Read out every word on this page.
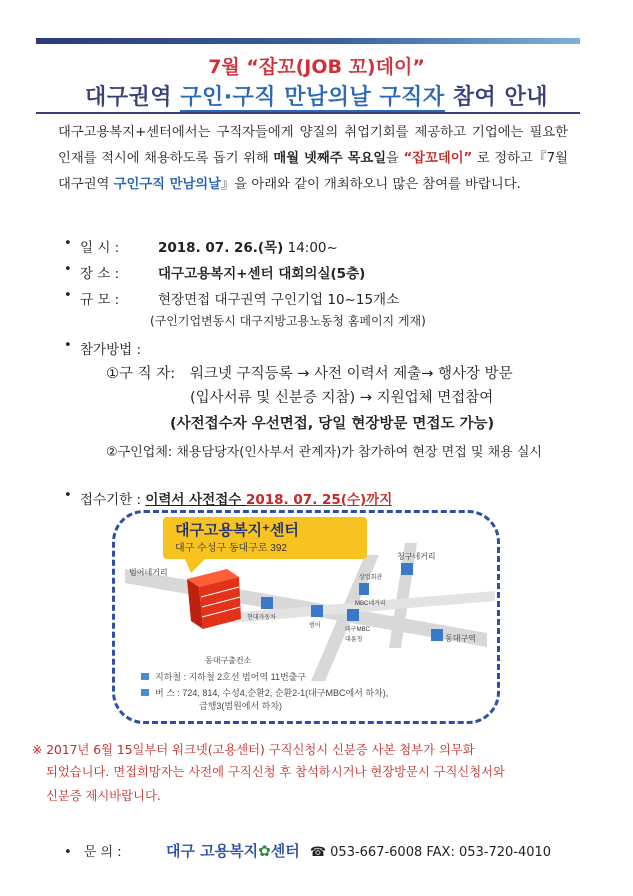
7월 “잡꼬(JOB 꼬)데이”
대구권역 구인·구직 만남의날 구직자 참여 안내
대구고용복지+센터에서는 구직자들에게 양질의 취업기회를 제공하고 기업에는 필요한 인재를 적시에 채용하도록 돕기 위해 매월 넷째주 목요일을 “잡꼬데이” 로 정하고『7월 대구권역 구인구직 만남의날』을 아래와 같이 개최하오니 많은 참여를 바랍니다.
• 일 시 :	2018. 07. 26.(목) 14:00~
• 장 소 :	대구고용복지+센터 대회의실(5층)
• 규 모 :	현장면접 대구권역 구인기업 10~15개소
(구인기업변동시 대구지방고용노동청 홈페이지 게재)
• 참가방법 :
①구 직 자: 워크넷 구직등록 → 사전 이력서 제출→ 행사장 방문
(입사서류 및 신분증 지참) → 지원업체 면접참여
(사전접수자 우선면접, 당일 현장방문 면접도 가능)
②구인업체: 채용담당자(인사부서 관계자)가 참가하여 현장 면접 및 채용 실시
• 접수기한 : 이력서 사전접수 2018. 07. 25(수)까지
대구고용복지⁺센터
대구 수성구 동대구로 392
범어네거리
청구네거리
동대구역
동대구출컨소
범어
대구MBC
MBC네거리
상업회관
현대자동차
대륜청
지하철 : 지하철 2호선 범어역 11번출구
버 스 : 724, 814, 수성4,순환2, 순환2-1(대구MBC에서 하차),
급행3(범원에서 하차)
※ 2017년 6월 15일부터 워크넷(고용센터) 구직신청시 신분증 사본 첨부가 의무화
되었습니다. 면접희망자는 사전에 구직신청 후 참석하시거나 현장방문시 구직신청서와
신분증 제시바랍니다.
• 문 의 :	대구 고용복지✿센터 ☎ 053-667-6008 FAX: 053-720-4010
